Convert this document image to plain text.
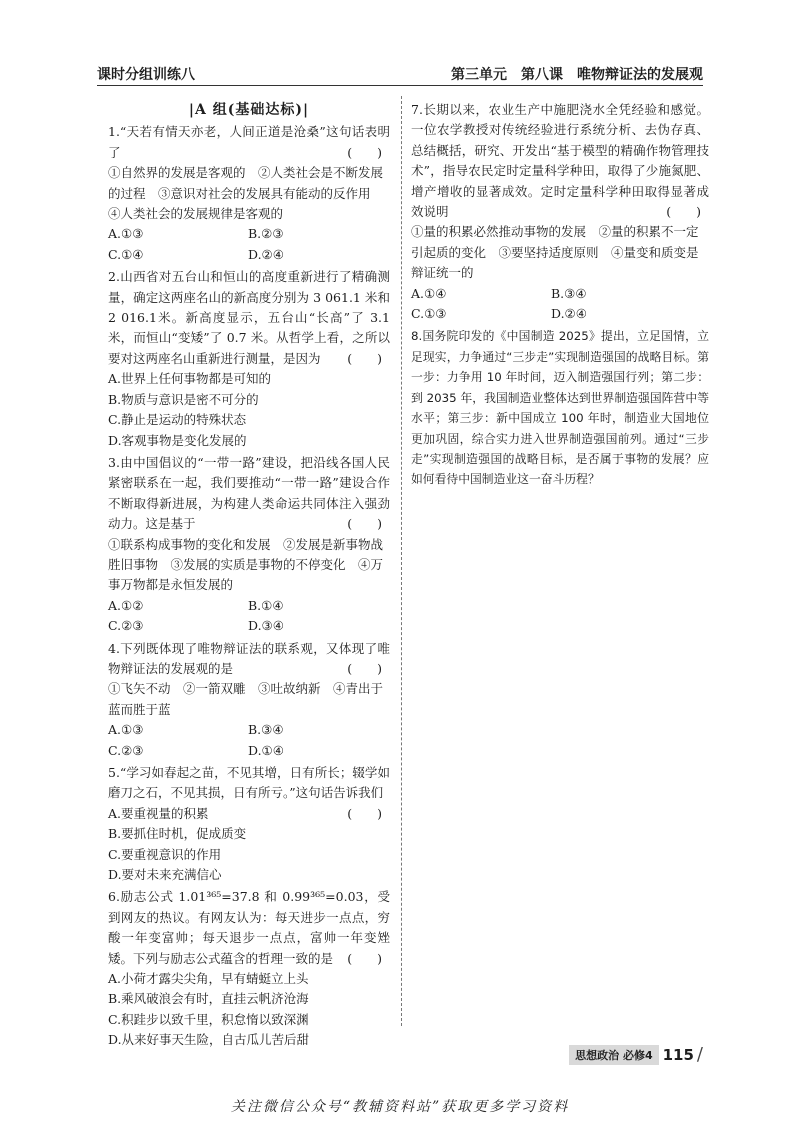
课时分组训练八	第三单元　第八课　唯物辩证法的发展观
|A 组(基础达标)|
1.“天若有情天亦老，人间正道是沧桑”这句话表明了	(　　)
①自然界的发展是客观的　②人类社会是不断发展的过程　③意识对社会的发展具有能动的反作用　④人类社会的发展规律是客观的
A.①③	B.②③
C.①④	D.②④
2.山西省对五台山和恒山的高度重新进行了精确测量，确定这两座名山的新高度分别为 3 061.1 米和 2 016.1米。新高度显示，五台山“长高”了 3.1 米，而恒山“变矮”了 0.7 米。从哲学上看，之所以要对这两座名山重新进行测量，是因为 (　　)
A.世界上任何事物都是可知的
B.物质与意识是密不可分的
C.静止是运动的特殊状态
D.客观事物是变化发展的
3.由中国倡议的“一带一路”建设，把沿线各国人民紧密联系在一起，我们要推动“一带一路”建设合作不断取得新进展，为构建人类命运共同体注入强劲动力。这是基于	(　　)
①联系构成事物的变化和发展　②发展是新事物战胜旧事物　③发展的实质是事物的不停变化　④万事万物都是永恒发展的
A.①②	B.①④
C.②③	D.③④
4.下列既体现了唯物辩证法的联系观，又体现了唯物辩证法的发展观的是	(　　)
①飞矢不动　②一箭双雕　③吐故纳新　④青出于蓝而胜于蓝
A.①③	B.③④
C.②③	D.①④
5.“学习如春起之苗，不见其增，日有所长；辍学如磨刀之石，不见其损，日有所亏。”这句话告诉我们
(　　)
A.要重视量的积累
B.要抓住时机，促成质变
C.要重视意识的作用
D.要对未来充满信心
6.励志公式 1.01³⁶⁵=37.8 和 0.99³⁶⁵=0.03，受到网友的热议。有网友认为：每天进步一点点，穷酸一年变富帅；每天退步一点点，富帅一年变矬矮。下列与励志公式蕴含的哲理一致的是 (　　)
A.小荷才露尖尖角，早有蜻蜓立上头
B.乘风破浪会有时，直挂云帆济沧海
C.积跬步以致千里，积怠惰以致深渊
D.从来好事天生险，自古瓜儿苦后甜
7.长期以来，农业生产中施肥浇水全凭经验和感觉。一位农学教授对传统经验进行系统分析、去伪存真、总结概括，研究、开发出“基于模型的精确作物管理技术”，指导农民定时定量科学种田，取得了少施氮肥、增产增收的显著成效。定时定量科学种田取得显著成效说明	(　　)
①量的积累必然推动事物的发展　②量的积累不一定引起质的变化　③要坚持适度原则　④量变和质变是辩证统一的
A.①④	B.③④
C.①③	D.②④
8.国务院印发的《中国制造 2025》提出，立足国情，立足现实，力争通过“三步走”实现制造强国的战略目标。第一步：力争用 10 年时间，迈入制造强国行列；第二步：到 2035 年，我国制造业整体达到世界制造强国阵营中等水平；第三步：新中国成立 100 年时，制造业大国地位更加巩固，综合实力进入世界制造强国前列。通过“三步走”实现制造强国的战略目标，是否属于事物的发展？应如何看待中国制造业这一奋斗历程？
思想政治 必修4 115 /
关注微信公众号“教辅资料站”获取更多学习资料
